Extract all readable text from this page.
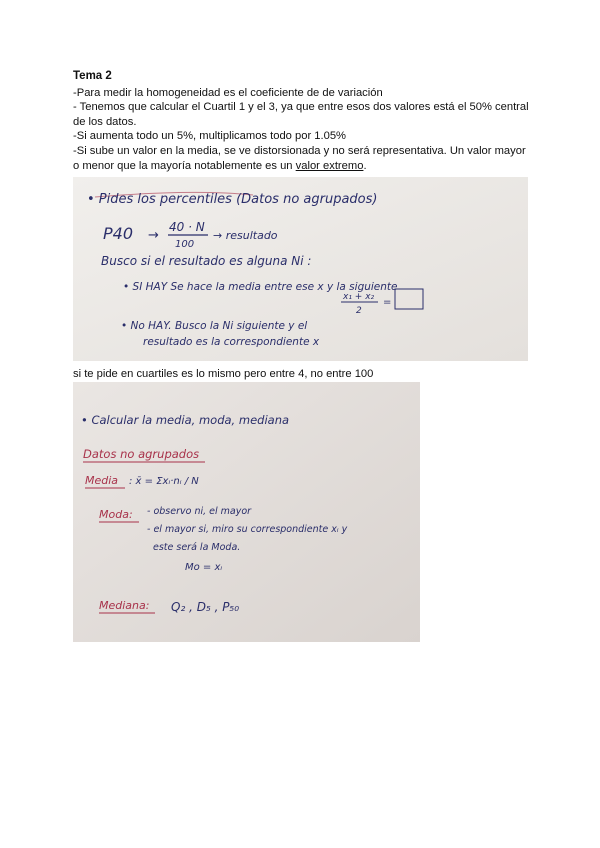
Tema 2
-Para medir la homogeneidad es el coeficiente de de variación
- Tenemos que calcular el Cuartil 1 y el 3, ya que entre esos dos valores está el 50% central de los datos.
-Si aumenta todo un 5%, multiplicamos todo por 1.05%
-Si sube un valor en la media, se ve distorsionada y no será representativa. Un valor mayor o menor que la mayoría notablemente es un valor extremo.
• Pides los percentiles (Datos no agrupados)
P40 →
40 · N
100
→ resultado
Busco si el resultado es alguna Ni :
• SI HAY Se hace la media entre ese x y la siguiente
x₁ + x₂
2
=
• No HAY. Busco la Ni siguiente y el
resultado es la correspondiente x
si te pide en cuartiles es lo mismo pero entre 4, no entre 100
• Calcular la media, moda, mediana
Datos no agrupados
Media : x̄ = Σxᵢ·nᵢ / N
Moda: - observo ni, el mayor
- el mayor si, miro su correspondiente xᵢ y
este será la Moda.
Mo = xᵢ
Mediana: Q₂ , D₅ , P₅₀
